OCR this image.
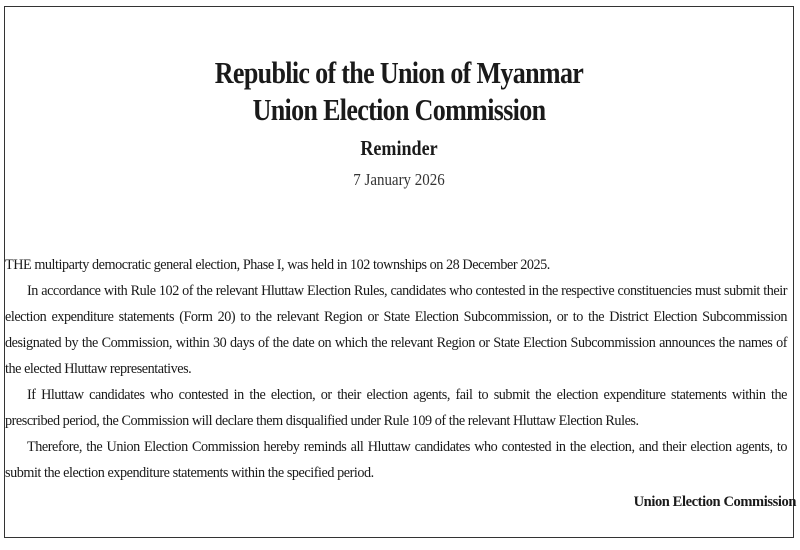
Republic of the Union of Myanmar
Union Election Commission
Reminder
7 January 2026

THE multiparty democratic general election, Phase I, was held in 102 townships on 28 December 2025.

In accordance with Rule 102 of the relevant Hluttaw Election Rules, candidates who contested in the respective constituencies must submit their election expenditure statements (Form 20) to the relevant Region or State Election Subcommission, or to the District Election Subcommission designated by the Commission, within 30 days of the date on which the relevant Region or State Election Subcommission announces the names of the elected Hluttaw representatives.

If Hluttaw candidates who contested in the election, or their election agents, fail to submit the election expenditure statements within the prescribed period, the Commission will declare them disqualified under Rule 109 of the relevant Hluttaw Election Rules.

Therefore, the Union Election Commission hereby reminds all Hluttaw candidates who contested in the election, and their election agents, to submit the election expenditure statements within the specified period.

Union Election Commission
